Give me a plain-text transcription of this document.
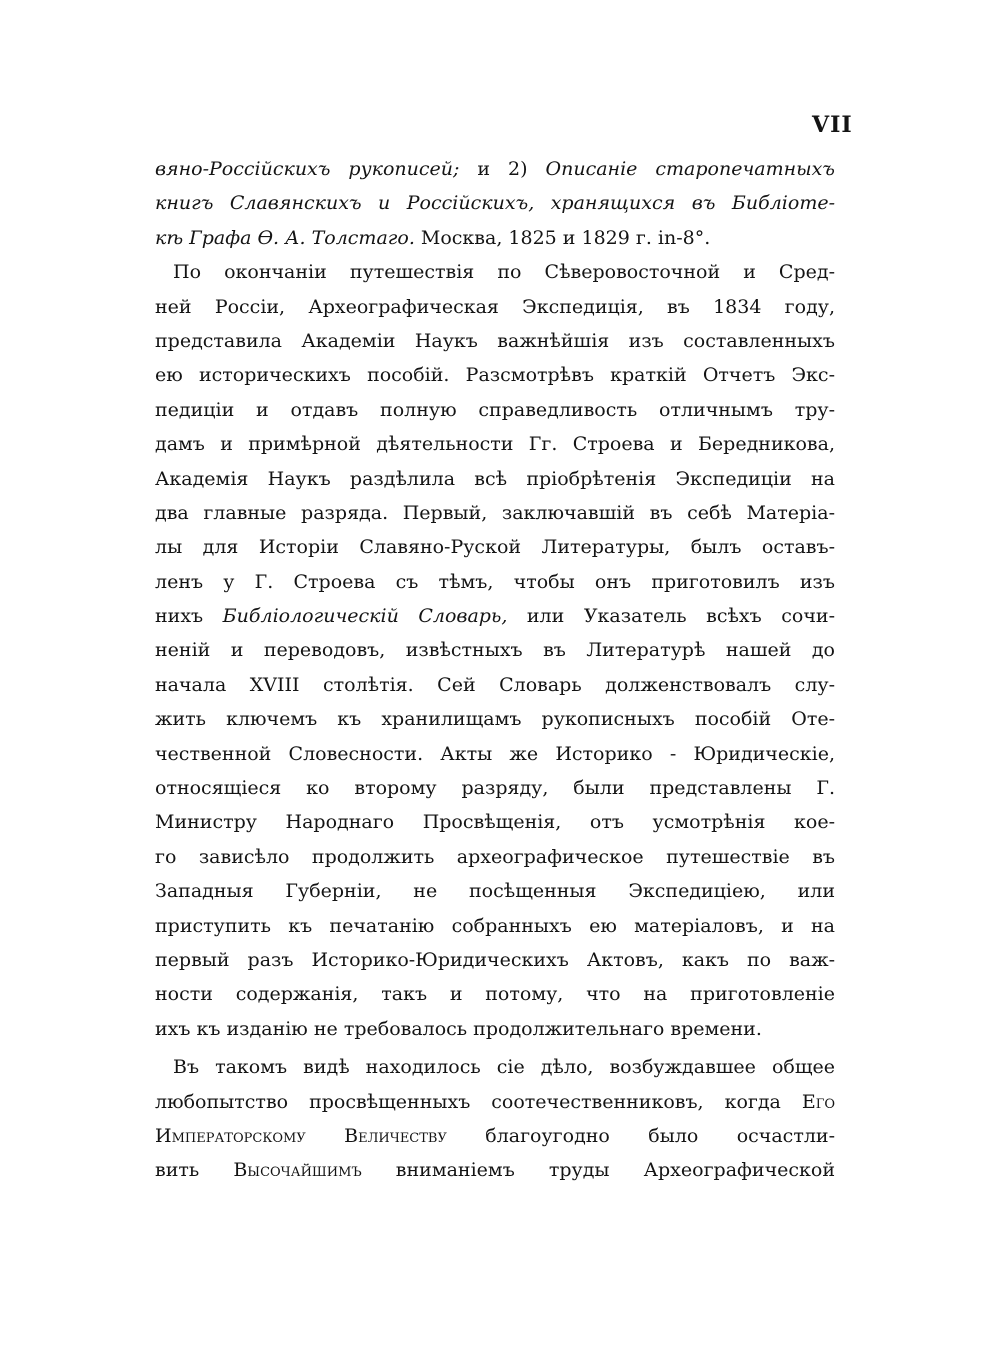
VII
вяно-Россійскихъ рукописей; и 2) Описаніе старопечатныхъ
книгъ Славянскихъ и Россійскихъ, хранящихся въ Библіоте-
кѣ Графа Ѳ. А. Толстаго. Москва, 1825 и 1829 г. in-8°.
По окончаніи путешествія по Сѣверовосточной и Сред-
ней Россіи, Археографическая Экспедиція, въ 1834 году,
представила Академіи Наукъ важнѣйшія изъ составленныхъ
ею историческихъ пособій. Разсмотрѣвъ краткій Отчетъ Экс-
педиціи и отдавъ полную справедливость отличнымъ тру-
дамъ и примѣрной дѣятельности Гг. Строева и Бередникова,
Академія Наукъ раздѣлила всѣ пріобрѣтенія Экспедиціи на
два главные разряда. Первый, заключавшій въ себѣ Матеріа-
лы для Исторіи Славяно-Руской Литературы, былъ оставъ-
ленъ у Г. Строева съ тѣмъ, чтобы онъ приготовилъ изъ
нихъ Библіологическій Словарь, или Указатель всѣхъ сочи-
неній и переводовъ, извѣстныхъ въ Литературѣ нашей до
начала XVIII столѣтія. Сей Словарь долженствовалъ слу-
жить ключемъ къ хранилищамъ рукописныхъ пособій Оте-
чественной Словесности. Акты же Историко - Юридическіе,
относящіеся ко второму разряду, были представлены Г.
Министру Народнаго Просвѣщенія, отъ усмотрѣнія кое-
го зависѣло продолжить археографическое путешествіе въ
Западныя Губерніи, не посѣщенныя Экспедиціею, или
приступить къ печатанію собранныхъ ею матеріаловъ, и на
первый разъ Историко-Юридическихъ Актовъ, какъ по важ-
ности содержанія, такъ и потому, что на приготовленіе
ихъ къ изданію не требовалось продолжительнаго времени.
Въ такомъ видѣ находилось сіе дѣло, возбуждавшее общее
любопытство просвѣщенныхъ соотечественниковъ, когда Его
Императорскому Величеству благоугодно было осчастли-
вить Высочайшимъ вниманіемъ труды Археографической
